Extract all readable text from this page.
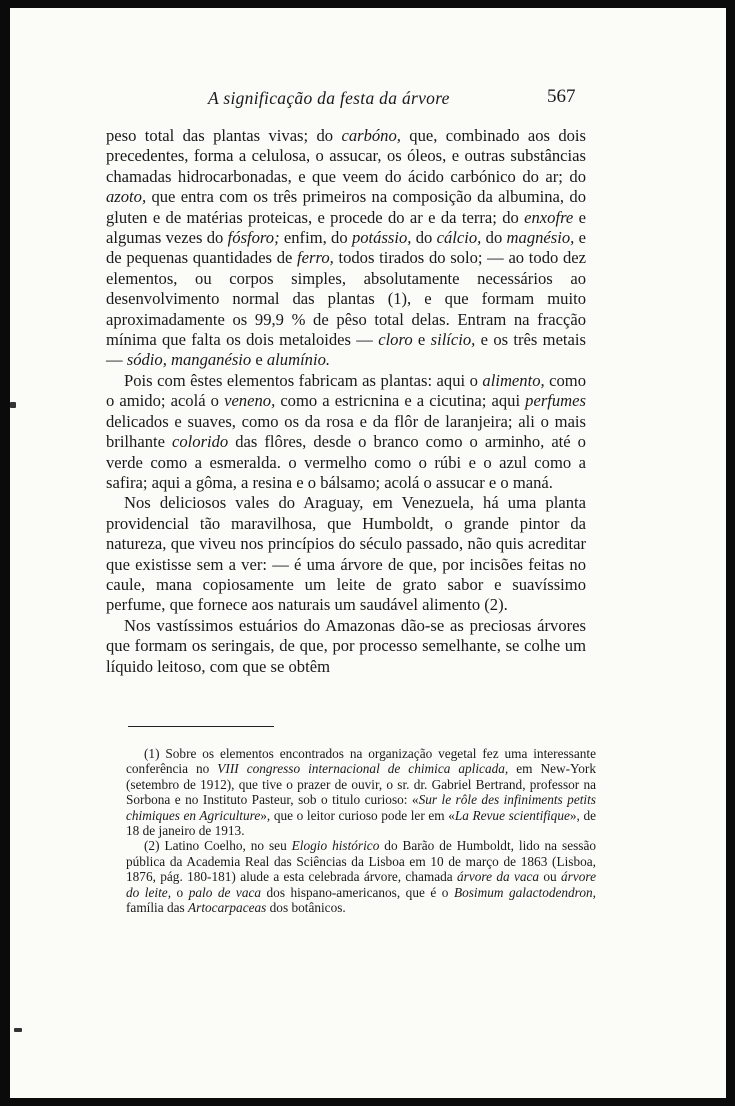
A significação da festa da árvore	567

peso total das plantas vivas; do carbóno, que, combinado aos dois precedentes, forma a celulosa, o assucar, os óleos, e outras substâncias chamadas hidrocarbonadas, e que veem do ácido carbónico do ar; do azoto, que entra com os três primeiros na composição da albumina, do gluten e de matérias proteicas, e procede do ar e da terra; do enxofre e algumas vezes do fósforo; enfim, do potássio, do cálcio, do magnésio, e de pequenas quantidades de ferro, todos tirados do solo; — ao todo dez elementos, ou corpos simples, absolutamente necessários ao desenvolvimento normal das plantas (1), e que formam muito aproximadamente os 99,9 % de pêso total delas. Entram na fracção mínima que falta os dois metaloides — cloro e silício, e os três metais — sódio, manganésio e alumínio.

Pois com êstes elementos fabricam as plantas: aqui o alimento, como o amido; acolá o veneno, como a estricnina e a cicutina; aqui perfumes delicados e suaves, como os da rosa e da flôr de laranjeira; ali o mais brilhante colorido das flôres, desde o branco como o arminho, até o verde como a esmeralda. o vermelho como o rúbi e o azul como a safira; aqui a gôma, a resina e o bálsamo; acolá o assucar e o maná.

Nos deliciosos vales do Araguay, em Venezuela, há uma planta providencial tão maravilhosa, que Humboldt, o grande pintor da natureza, que viveu nos princípios do século passado, não quis acreditar que existisse sem a ver: — é uma árvore de que, por incisões feitas no caule, mana copiosamente um leite de grato sabor e suavíssimo perfume, que fornece aos naturais um saudável alimento (2).

Nos vastíssimos estuários do Amazonas dão-se as preciosas árvores que formam os seringais, de que, por processo semelhante, se colhe um líquido leitoso, com que se obtêm

(1) Sobre os elementos encontrados na organização vegetal fez uma interessante conferência no VIII congresso internacional de chimica aplicada, em New-York (setembro de 1912), que tive o prazer de ouvir, o sr. dr. Gabriel Bertrand, professor na Sorbona e no Instituto Pasteur, sob o titulo curioso: «Sur le rôle des infiniments petits chimiques en Agriculture», que o leitor curioso pode ler em «La Revue scientifique», de 18 de janeiro de 1913.

(2) Latino Coelho, no seu Elogio histórico do Barão de Humboldt, lido na sessão pública da Academia Real das Sciências da Lisboa em 10 de março de 1863 (Lisboa, 1876, pág. 180-181) alude a esta celebrada árvore, chamada árvore da vaca ou árvore do leite, o palo de vaca dos hispano-americanos, que é o Bosimum galactodendron, família das Artocarpaceas dos botânicos.
